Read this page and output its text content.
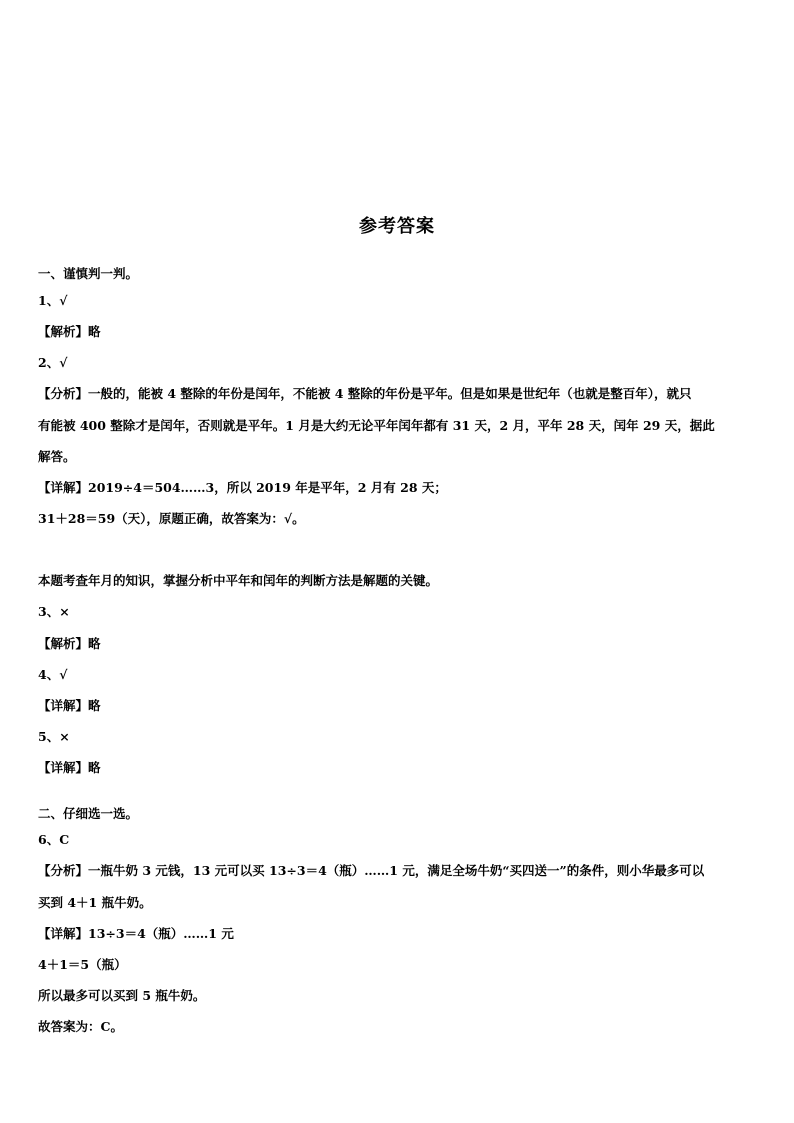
参考答案
一、谨慎判一判。
1、√
【解析】略
2、√
【分析】一般的，能被 4 整除的年份是闰年，不能被 4 整除的年份是平年。但是如果是世纪年（也就是整百年），就只
有能被 400 整除才是闰年，否则就是平年。1 月是大约无论平年闰年都有 31 天，2 月，平年 28 天，闰年 29 天，据此
解答。
【详解】2019÷4＝504……3，所以 2019 年是平年，2 月有 28 天；
31＋28＝59（天），原题正确，故答案为：√。
本题考查年月的知识，掌握分析中平年和闰年的判断方法是解题的关键。
3、×
【解析】略
4、√
【详解】略
5、×
【详解】略
二、仔细选一选。
6、C
【分析】一瓶牛奶 3 元钱，13 元可以买 13÷3＝4（瓶）……1 元，满足全场牛奶“买四送一”的条件，则小华最多可以
买到 4＋1 瓶牛奶。
【详解】13÷3＝4（瓶）……1 元
4＋1＝5（瓶）
所以最多可以买到 5 瓶牛奶。
故答案为：C。
